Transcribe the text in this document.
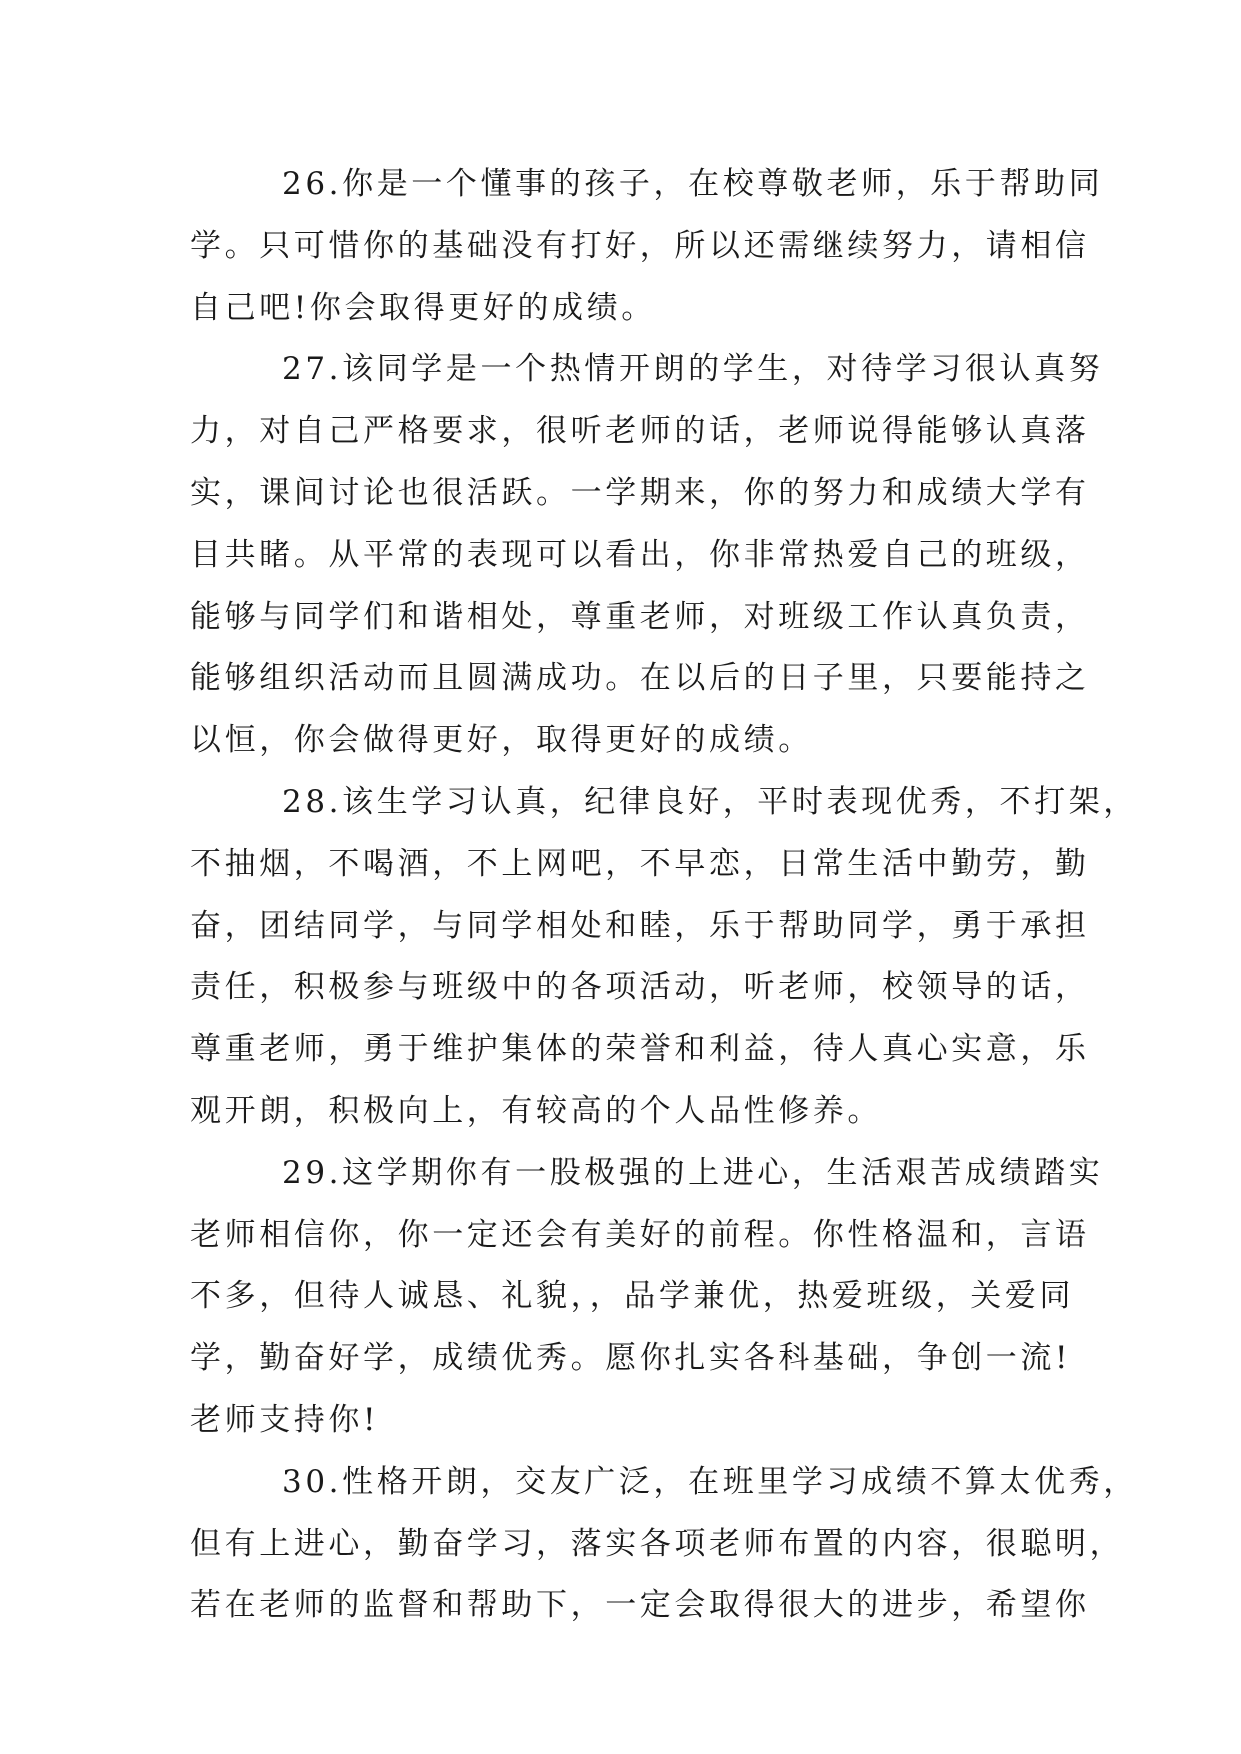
26.你是一个懂事的孩子，在校尊敬老师，乐于帮助同
学。只可惜你的基础没有打好，所以还需继续努力，请相信
自己吧!你会取得更好的成绩。
27.该同学是一个热情开朗的学生，对待学习很认真努
力，对自己严格要求，很听老师的话，老师说得能够认真落
实，课间讨论也很活跃。一学期来，你的努力和成绩大学有
目共睹。从平常的表现可以看出，你非常热爱自己的班级，
能够与同学们和谐相处，尊重老师，对班级工作认真负责，
能够组织活动而且圆满成功。在以后的日子里，只要能持之
以恒，你会做得更好，取得更好的成绩。
28.该生学习认真，纪律良好，平时表现优秀，不打架，
不抽烟，不喝酒，不上网吧，不早恋，日常生活中勤劳，勤
奋，团结同学，与同学相处和睦，乐于帮助同学，勇于承担
责任，积极参与班级中的各项活动，听老师，校领导的话，
尊重老师，勇于维护集体的荣誉和利益，待人真心实意，乐
观开朗，积极向上，有较高的个人品性修养。
29.这学期你有一股极强的上进心，生活艰苦成绩踏实
老师相信你，你一定还会有美好的前程。你性格温和，言语
不多，但待人诚恳、礼貌，，品学兼优，热爱班级，关爱同
学，勤奋好学，成绩优秀。愿你扎实各科基础，争创一流!
老师支持你!
30.性格开朗，交友广泛，在班里学习成绩不算太优秀，
但有上进心，勤奋学习，落实各项老师布置的内容，很聪明，
若在老师的监督和帮助下，一定会取得很大的进步，希望你
